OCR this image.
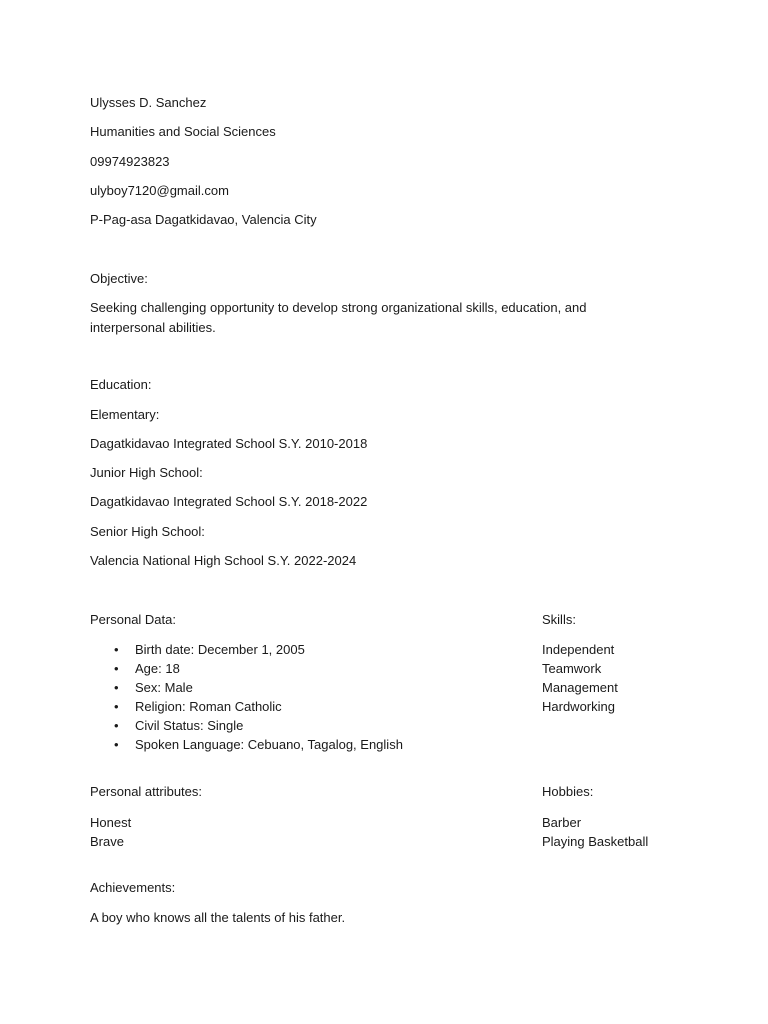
Ulysses D. Sanchez
Humanities and Social Sciences
09974923823
ulyboy7120@gmail.com
P-Pag-asa Dagatkidavao, Valencia City
Objective:
Seeking challenging opportunity to develop strong organizational skills, education, and interpersonal abilities.
Education:
Elementary:
Dagatkidavao Integrated School S.Y. 2010-2018
Junior High School:
Dagatkidavao Integrated School S.Y. 2018-2022
Senior High School:
Valencia National High School S.Y. 2022-2024
Personal Data:
• Birth date: December 1, 2005
• Age: 18
• Sex: Male
• Religion: Roman Catholic
• Civil Status: Single
• Spoken Language: Cebuano, Tagalog, English
Skills:
Independent
Teamwork
Management
Hardworking
Personal attributes:
Honest
Brave
Hobbies:
Barber
Playing Basketball
Achievements:
A boy who knows all the talents of his father.
